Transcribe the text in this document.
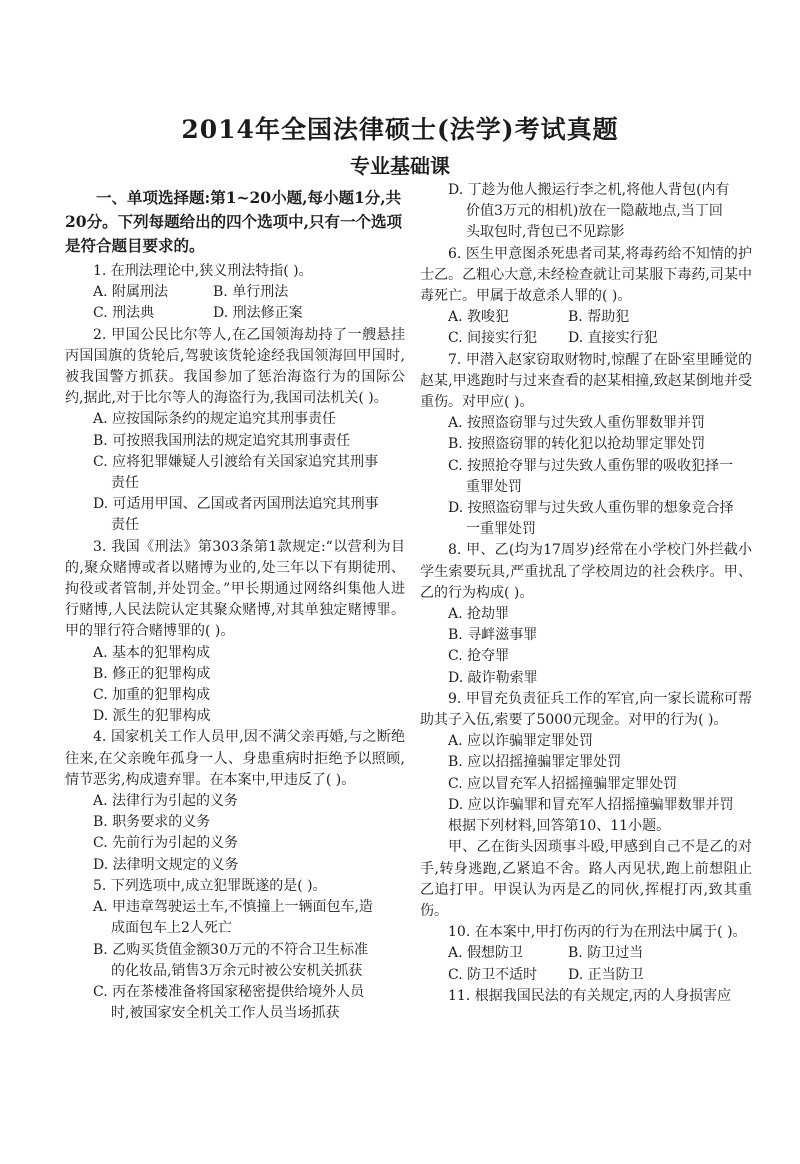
2014年全国法律硕士(法学)考试真题
专业基础课
一、单项选择题:第1~20小题,每小题1分,共20分。下列每题给出的四个选项中,只有一个选项是符合题目要求的。
1. 在刑法理论中,狭义刑法特指( )。
A. 附属刑法	B. 单行刑法
C. 刑法典	D. 刑法修正案
2. 甲国公民比尔等人,在乙国领海劫持了一艘悬挂丙国国旗的货轮后,驾驶该货轮途经我国领海回甲国时,被我国警方抓获。我国参加了惩治海盗行为的国际公约,据此,对于比尔等人的海盗行为,我国司法机关( )。
A. 应按国际条约的规定追究其刑事责任
B. 可按照我国刑法的规定追究其刑事责任
C. 应将犯罪嫌疑人引渡给有关国家追究其刑事
责任
D. 可适用甲国、乙国或者丙国刑法追究其刑事
责任
3. 我国《刑法》第303条第1款规定:“以营利为目的,聚众赌博或者以赌博为业的,处三年以下有期徒刑、拘役或者管制,并处罚金。”甲长期通过网络纠集他人进行赌博,人民法院认定其聚众赌博,对其单独定赌博罪。甲的罪行符合赌博罪的( )。
A. 基本的犯罪构成
B. 修正的犯罪构成
C. 加重的犯罪构成
D. 派生的犯罪构成
4. 国家机关工作人员甲,因不满父亲再婚,与之断绝往来,在父亲晚年孤身一人、身患重病时拒绝予以照顾,情节恶劣,构成遗弃罪。在本案中,甲违反了( )。
A. 法律行为引起的义务
B. 职务要求的义务
C. 先前行为引起的义务
D. 法律明文规定的义务
5. 下列选项中,成立犯罪既遂的是( )。
A. 甲违章驾驶运土车,不慎撞上一辆面包车,造
成面包车上2人死亡
B. 乙购买货值金额30万元的不符合卫生标准
的化妆品,销售3万余元时被公安机关抓获
C. 丙在茶楼准备将国家秘密提供给境外人员
时,被国家安全机关工作人员当场抓获
D. 丁趁为他人搬运行李之机,将他人背包(内有
价值3万元的相机)放在一隐蔽地点,当丁回
头取包时,背包已不见踪影
6. 医生甲意图杀死患者司某,将毒药给不知情的护士乙。乙粗心大意,未经检查就让司某服下毒药,司某中毒死亡。甲属于故意杀人罪的( )。
A. 教唆犯	B. 帮助犯
C. 间接实行犯	D. 直接实行犯
7. 甲潜入赵家窃取财物时,惊醒了在卧室里睡觉的赵某,甲逃跑时与过来查看的赵某相撞,致赵某倒地并受重伤。对甲应( )。
A. 按照盗窃罪与过失致人重伤罪数罪并罚
B. 按照盗窃罪的转化犯以抢劫罪定罪处罚
C. 按照抢夺罪与过失致人重伤罪的吸收犯择一
重罪处罚
D. 按照盗窃罪与过失致人重伤罪的想象竞合择
一重罪处罚
8. 甲、乙(均为17周岁)经常在小学校门外拦截小学生索要玩具,严重扰乱了学校周边的社会秩序。甲、乙的行为构成( )。
A. 抢劫罪
B. 寻衅滋事罪
C. 抢夺罪
D. 敲诈勒索罪
9. 甲冒充负责征兵工作的军官,向一家长谎称可帮助其子入伍,索要了5000元现金。对甲的行为( )。
A. 应以诈骗罪定罪处罚
B. 应以招摇撞骗罪定罪处罚
C. 应以冒充军人招摇撞骗罪定罪处罚
D. 应以诈骗罪和冒充军人招摇撞骗罪数罪并罚
根据下列材料,回答第10、11小题。
甲、乙在街头因琐事斗殴,甲感到自己不是乙的对手,转身逃跑,乙紧追不舍。路人丙见状,跑上前想阻止乙追打甲。甲误认为丙是乙的同伙,挥棍打丙,致其重伤。
10. 在本案中,甲打伤丙的行为在刑法中属于( )。
A. 假想防卫	B. 防卫过当
C. 防卫不适时	D. 正当防卫
11. 根据我国民法的有关规定,丙的人身损害应
